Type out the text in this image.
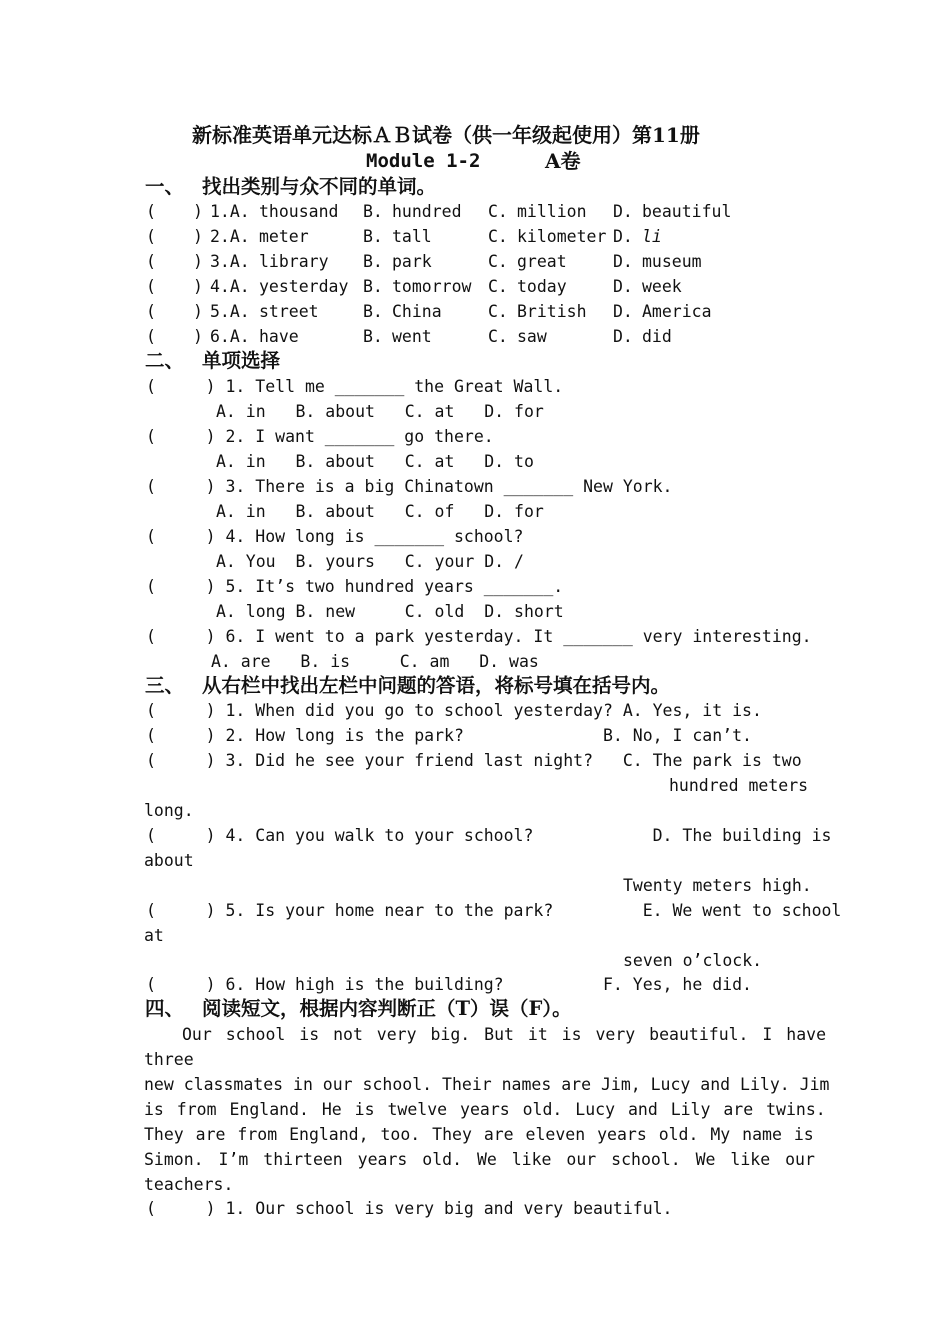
新标准英语单元达标ＡＢ试卷（供一年级起使用）第11册
Module 1-2	A卷
一、 找出类别与众不同的单词。
( ) 1.A. thousand B. hundred C. million D. beautiful
( ) 2.A. meter	B. tall	C. kilometer D. li
( ) 3.A. library B. park	C. great	D. museum
( ) 4.A. yesterday B. tomorrow C. today	D. week
( ) 5.A. street	B. China	C. British D. America
( ) 6.A. have	B. went	C. saw	D. did
二、 单项选择
(     ) 1. Tell me _______ the Great Wall.
A. in   B. about   C. at   D. for
(     ) 2. I want _______ go there.
A. in   B. about   C. at   D. to
(     ) 3. There is a big Chinatown _______ New York.
A. in   B. about   C. of   D. for
(     ) 4. How long is _______ school?
A. You  B. yours   C. your D. /
(     ) 5. It’s two hundred years _______.
A. long B. new     C. old  D. short
(     ) 6. I went to a park yesterday. It _______ very interesting.
A. are   B. is     C. am   D. was
三、 从右栏中找出左栏中问题的答语，将标号填在括号内。
(     ) 1. When did you go to school yesterday? A. Yes, it is.
(     ) 2. How long is the park?              B. No, I can’t.
(     ) 3. Did he see your friend last night?   C. The park is two
hundred meters
long.
(     ) 4. Can you walk to your school?            D. The building is
about
Twenty meters high.
(     ) 5. Is your home near to the park?         E. We went to school
at
seven o’clock.
(     ) 6. How high is the building?          F. Yes, he did.
四、 阅读短文，根据内容判断正（T）误（F）。
Our school is not very big. But it is very beautiful. I have
three
new classmates in our school. Their names are Jim, Lucy and Lily. Jim
is from England. He is twelve years old. Lucy and Lily are twins.
They are from England, too. They are eleven years old. My name is
Simon. I’m thirteen years old. We like our school. We like our
teachers.
(     ) 1. Our school is very big and very beautiful.
